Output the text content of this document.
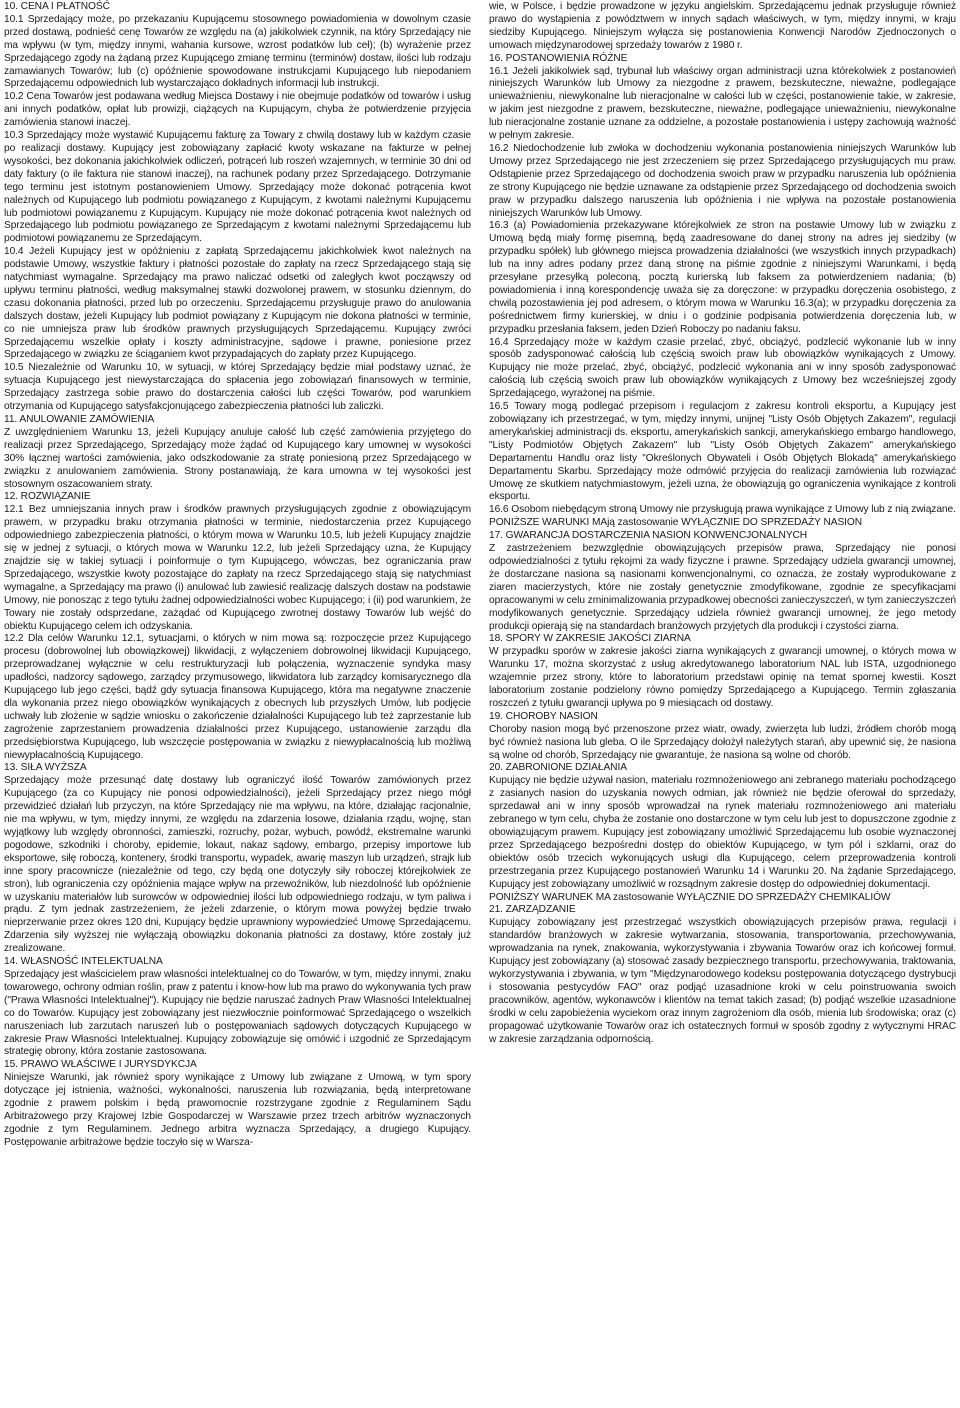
10. CENA I PŁATNOŚĆ

10.1 Sprzedający może, po przekazaniu Kupującemu stosownego powiadomienia w dowolnym czasie przed dostawą, podnieść cenę Towarów ze względu na (a) jakikolwiek czynnik, na który Sprzedający nie ma wpływu (w tym, między innymi, wahania kursowe, wzrost podatków lub ceł); (b) wyrażenie przez Sprzedającego zgody na żądaną przez Kupującego zmianę terminu (terminów) dostaw, ilości lub rodzaju zamawianych Towarów; lub (c) opóźnienie spowodowane instrukcjami Kupującego lub niepodaniem Sprzedającemu odpowiednich lub wystarczająco dokładnych informacji lub instrukcji.

10.2 Cena Towarów jest podawana według Miejsca Dostawy i nie obejmuje podatków od towarów i usług ani innych podatków, opłat lub prowizji, ciążących na Kupującym, chyba że potwierdzenie przyjęcia zamówienia stanowi inaczej.

10.3 Sprzedający może wystawić Kupującemu fakturę za Towary z chwilą dostawy lub w każdym czasie po realizacji dostawy. Kupujący jest zobowiązany zapłacić kwoty wskazane na fakturze w pełnej wysokości, bez dokonania jakichkolwiek odliczeń, potrąceń lub roszeń wzajemnych, w terminie 30 dni od daty faktury (o ile faktura nie stanowi inaczej), na rachunek podany przez Sprzedającego. Dotrzymanie tego terminu jest istotnym postanowieniem Umowy. Sprzedający może dokonać potrącenia kwot należnych od Kupującego lub podmiotu powiązanego z Kupującym, z kwotami należnymi Kupującemu lub podmiotowi powiązanemu z Kupującym. Kupujący nie może dokonać potrącenia kwot należnych od Sprzedającego lub podmiotu powiązanego ze Sprzedającym z kwotami należnymi Sprzedającemu lub podmiotowi powiązanemu ze Sprzedającym.

10.4 Jeżeli Kupujący jest w opóźnieniu z zapłatą Sprzedającemu jakichkolwiek kwot należnych na podstawie Umowy, wszystkie faktury i płatności pozostałe do zapłaty na rzecz Sprzedającego stają się natychmiast wymagalne. Sprzedający ma prawo naliczać odsetki od zaległych kwot począwszy od upływu terminu płatności, według maksymalnej stawki dozwolonej prawem, w stosunku dziennym, do czasu dokonania płatności, przed lub po orzeczeniu. Sprzedającemu przysługuje prawo do anulowania dalszych dostaw, jeżeli Kupujący lub podmiot powiązany z Kupującym nie dokona płatności w terminie, co nie umniejsza praw lub środków prawnych przysługujących Sprzedającemu. Kupujący zwróci Sprzedającemu wszelkie opłaty i koszty administracyjne, sądowe i prawne, poniesione przez Sprzedającego w związku ze ściąganiem kwot przypadających do zapłaty przez Kupującego.

10.5 Niezależnie od Warunku 10, w sytuacji, w której Sprzedający będzie miał podstawy uznać, że sytuacja Kupującego jest niewystarczająca do spłacenia jego zobowiązań finansowych w terminie, Sprzedający zastrzega sobie prawo do dostarczenia całości lub części Towarów, pod warunkiem otrzymania od Kupującego satysfakcjonującego zabezpieczenia płatności lub zaliczki.

11. ANULOWANIE ZAMÓWIENIA

Z uwzględnieniem Warunku 13, jeżeli Kupujący anuluje całość lub część zamówienia przyjętego do realizacji przez Sprzedającego, Sprzedający może żądać od Kupującego kary umownej w wysokości 30% łącznej wartości zamówienia, jako odszkodowanie za stratę poniesioną przez Sprzedającego w związku z anulowaniem zamówienia. Strony postanawiają, że kara umowna w tej wysokości jest stosownym oszacowaniem straty.

12. ROZWIĄZANIE

12.1 Bez umniejszania innych praw i środków prawnych przysługujących zgodnie z obowiązującym prawem, w przypadku braku otrzymania płatności w terminie, niedostarczenia przez Kupującego odpowiedniego zabezpieczenia płatności, o którym mowa w Warunku 10.5, lub jeżeli Kupujący znajdzie się w jednej z sytuacji, o których mowa w Warunku 12.2, lub jeżeli Sprzedający uzna, że Kupujący znajdzie się w takiej sytuacji i poinformuje o tym Kupującego, wówczas, bez ograniczania praw Sprzedającego, wszystkie kwoty pozostające do zapłaty na rzecz Sprzedającego stają się natychmiast wymagalne, a Sprzedający ma prawo (i) anulować lub zawiesić realizację dalszych dostaw na podstawie Umowy, nie ponosząc z tego tytułu żadnej odpowiedzialności wobec Kupującego; i (ii) pod warunkiem, że Towary nie zostały odsprzedane, zażądać od Kupującego zwrotnej dostawy Towarów lub wejść do obiektu Kupującego celem ich odzyskania.

12.2 Dla celów Warunku 12.1, sytuacjami, o których w nim mowa są: rozpoczęcie przez Kupującego procesu (dobrowolnej lub obowiązkowej) likwidacji, z wyłączeniem dobrowolnej likwidacji Kupującego, przeprowadzanej wyłącznie w celu restrukturyzacji lub połączenia, wyznaczenie syndyka masy upadłości, nadzorcy sądowego, zarządcy przymusowego, likwidatora lub zarządcy komisarycznego dla Kupującego lub jego części, bądź gdy sytuacja finansowa Kupującego, która ma negatywne znaczenie dla wykonania przez niego obowiązków wynikających z obecnych lub przyszłych Umów, lub podjęcie uchwały lub złożenie w sądzie wniosku o zakończenie działalności Kupującego lub też zaprzestanie lub zagrożenie zaprzestaniem prowadzenia działalności przez Kupującego, ustanowienie zarządu dla przedsiębiorstwa Kupującego, lub wszczęcie postępowania w związku z niewypłacalnością lub możliwą niewypłacalnością Kupującego.

13. SIŁA WYŻSZA

Sprzedający może przesunąć datę dostawy lub ograniczyć ilość Towarów zamówionych przez Kupującego (za co Kupujący nie ponosi odpowiedzialności), jeżeli Sprzedający przez niego mógł przewidzieć działań lub przyczyn, na które Sprzedający nie ma wpływu, na które, działając racjonalnie, nie ma wpływu, w tym, między innymi, ze względu na zdarzenia losowe, działania rządu, wojnę, stan wyjątkowy lub względy obronności, zamieszki, rozruchy, pożar, wybuch, powódź, ekstremalne warunki pogodowe, szkodniki i choroby, epidemie, lokaut, nakaz sądowy, embargo, przepisy importowe lub eksportowe, siłę roboczą, kontenery, środki transportu, wypadek, awarię maszyn lub urządzeń, strajk lub inne spory pracownicze (niezależnie od tego, czy będą one dotyczyły siły roboczej którejkolwiek ze stron), lub ograniczenia czy opóźnienia mające wpływ na przewoźników, lub niezdolność lub opóźnienie w uzyskaniu materiałów lub surowców w odpowiedniej ilości lub odpowiedniego rodzaju, w tym paliwa i prądu. Z tym jednak zastrzeżeniem, że jeżeli zdarzenie, o którym mowa powyżej będzie trwało nieprzerwanie przez okres 120 dni, Kupujący będzie uprawniony wypowiedzieć Umowę Sprzedającemu. Zdarzenia siły wyższej nie wyłączają obowiązku dokonania płatności za dostawy, które zostały już zrealizowane.

14. WŁASNOŚĆ INTELEKTUALNA

Sprzedający jest właścicielem praw własności intelektualnej co do Towarów, w tym, między innymi, znaku towarowego, ochrony odmian roślin, praw z patentu i know-how lub ma prawo do wykonywania tych praw ("Prawa Własności Intelektualnej"). Kupujący nie będzie naruszać żadnych Praw Własności Intelektualnej co do Towarów. Kupujący jest zobowiązany jest niezwłocznie poinformować Sprzedającego o wszelkich naruszeniach lub zarzutach naruszeń lub o postępowaniach sądowych dotyczących Kupującego w zakresie Praw Własności Intelektualnej. Kupujący zobowiązuje się omówić i uzgodnić ze Sprzedającym strategię obrony, która zostanie zastosowana.

15. PRAWO WŁAŚCIWE I JURYSDYKCJA

Niniejsze Warunki, jak również spory wynikające z Umowy lub związane z Umową, w tym spory dotyczące jej istnienia, ważności, wykonalności, naruszenia lub rozwiązania, będą interpretowane zgodnie z prawem polskim i będą prawomocnie rozstrzygane zgodnie z Regulaminem Sądu Arbitrażowego przy Krajowej Izbie Gospodarczej w Warszawie przez trzech arbitrów wyznaczonych zgodnie z tym Regulaminem. Jednego arbitra wyznacza Sprzedający, a drugiego Kupujący. Postępowanie arbitrażowe będzie toczyło się w Warsza-

wie, w Polsce, i będzie prowadzone w języku angielskim. Sprzedającemu jednak przysługuje również prawo do wystąpienia z powództwem w innych sądach właściwych, w tym, między innymi, w kraju siedziby Kupującego. Niniejszym wyłącza się postanowienia Konwencji Narodów Zjednoczonych o umowach międzynarodowej sprzedaży towarów z 1980 r.

16. POSTANOWIENIA RÓŻNE

16.1 Jeżeli jakikolwiek sąd, trybunał lub właściwy organ administracji uzna którekolwiek z postanowień niniejszych Warunków lub Umowy za niezgodne z prawem, bezskuteczne, nieważne, podlegające unieważnieniu, niewykonalne lub nieracjonalne w całości lub w części, postanowienie takie, w zakresie, w jakim jest niezgodne z prawem, bezskuteczne, nieważne, podlegające unieważnieniu, niewykonalne lub nieracjonalne zostanie uznane za oddzielne, a pozostałe postanowienia i ustępy zachowują ważność w pełnym zakresie.

16.2 Niedochodzenie lub zwłoka w dochodzeniu wykonania postanowienia niniejszych Warunków lub Umowy przez Sprzedającego nie jest zrzeczeniem się przez Sprzedającego przysługujących mu praw. Odstąpienie przez Sprzedającego od dochodzenia swoich praw w przypadku naruszenia lub opóźnienia ze strony Kupującego nie będzie uznawane za odstąpienie przez Sprzedającego od dochodzenia swoich praw w przypadku dalszego naruszenia lub opóźnienia i nie wpływa na pozostałe postanowienia niniejszych Warunków lub Umowy.

16.3 (a) Powiadomienia przekazywane którejkolwiek ze stron na postawie Umowy lub w związku z Umową będą miały formę pisemną, będą zaadresowane do danej strony na adres jej siedziby (w przypadku spółek) lub głównego miejsca prowadzenia działalności (we wszystkich innych przypadkach) lub na inny adres podany przez daną stronę na piśmie zgodnie z niniejszymi Warunkami, i będą przesyłane przesyłką poleconą, pocztą kurierską lub faksem za potwierdzeniem nadania; (b) powiadomienia i inną korespondencję uważa się za doręczone: w przypadku doręczenia osobistego, z chwilą pozostawienia jej pod adresem, o którym mowa w Warunku 16.3(a); w przypadku doręczenia za pośrednictwem firmy kurierskiej, w dniu i o godzinie podpisania potwierdzenia doręczenia lub, w przypadku przesłania faksem, jeden Dzień Roboczy po nadaniu faksu.

16.4 Sprzedający może w każdym czasie przelać, zbyć, obciążyć, podzlecić wykonanie lub w inny sposób zadysponować całością lub częścią swoich praw lub obowiązków wynikających z Umowy. Kupujący nie może przelać, zbyć, obciążyć, podzlecić wykonania ani w inny sposób zadysponować całością lub częścią swoich praw lub obowiązków wynikających z Umowy bez wcześniejszej zgody Sprzedającego, wyrażonej na piśmie.

16.5 Towary mogą podlegać przepisom i regulacjom z zakresu kontroli eksportu, a Kupujący jest zobowiązany ich przestrzegać, w tym, między innymi, unijnej "Listy Osób Objętych Zakazem", regulacji amerykańskiej administracji ds. eksportu, amerykańskich sankcji, amerykańskiego embargo handlowego, "Listy Podmiotów Objętych Zakazem" lub "Listy Osób Objętych Zakazem" amerykańskiego Departamentu Handlu oraz listy "Określonych Obywateli i Osób Objętych Blokadą" amerykańskiego Departamentu Skarbu. Sprzedający może odmówić przyjęcia do realizacji zamówienia lub rozwiązać Umowę ze skutkiem natychmiastowym, jeżeli uzna, że obowiązują go ograniczenia wynikające z kontroli eksportu.

16.6 Osobom niebędącym stroną Umowy nie przysługują prawa wynikające z Umowy lub z nią związane.

PONIŻSZE WARUNKI MAją zastosowanie WYŁĄCZNIE DO SPRZEDAŻY NASION

17. GWARANCJA DOSTARCZENIA NASION KONWENCJONALNYCH

Z zastrzeżeniem bezwzględnie obowiązujących przepisów prawa, Sprzedający nie ponosi odpowiedzialności z tytułu rękojmi za wady fizyczne i prawne. Sprzedający udziela gwarancji umownej, że dostarczane nasiona są nasionami konwencjonalnymi, co oznacza, że zostały wyprodukowane z ziaren macierzystych, które nie zostały genetycznie zmodyfikowane, zgodnie ze specyfikacjami opracowanymi w celu zminimalizowania przypadkowej obecności zanieczyszczeń, w tym zanieczyszczeń modyfikowanych genetycznie. Sprzedający udziela również gwarancji umownej, że jego metody produkcji opierają się na standardach branżowych przyjętych dla produkcji i czystości ziarna.

18. SPORY W ZAKRESIE JAKOŚCI ZIARNA

W przypadku sporów w zakresie jakości ziarna wynikających z gwarancji umownej, o których mowa w Warunku 17, można skorzystać z usług akredytowanego laboratorium NAL lub ISTA, uzgodnionego wzajemnie przez strony, które to laboratorium przedstawi opinię na temat spornej kwestii. Koszt laboratorium zostanie podzielony równo pomiędzy Sprzedającego a Kupującego. Termin zgłaszania roszczeń z tytułu gwarancji upływa po 9 miesiącach od dostawy.

19. CHOROBY NASION

Choroby nasion mogą być przenoszone przez wiatr, owady, zwierzęta lub ludzi, źródłem chorób mogą być również nasiona lub gleba. O ile Sprzedający dołożył należytych starań, aby upewnić się, że nasiona są wolne od chorób, Sprzedający nie gwarantuje, że nasiona są wolne od chorób.

20. ZABRONIONE DZIAŁANIA

Kupujący nie będzie używał nasion, materiału rozmnożeniowego ani zebranego materiału pochodzącego z zasianych nasion do uzyskania nowych odmian, jak również nie będzie oferował do sprzedaży, sprzedawał ani w inny sposób wprowadzał na rynek materiału rozmnożeniowego ani materiału zebranego w tym celu, chyba że zostanie ono dostarczone w tym celu lub jest to dopuszczone zgodnie z obowiązującym prawem. Kupujący jest zobowiązany umożliwić Sprzedającemu lub osobie wyznaczonej przez Sprzedającego bezpośredni dostęp do obiektów Kupującego, w tym pól i szklarni, oraz do obiektów osób trzecich wykonujących usługi dla Kupującego, celem przeprowadzenia kontroli przestrzegania przez Kupującego postanowień Warunku 14 i Warunku 20. Na żądanie Sprzedającego, Kupujący jest zobowiązany umożliwić w rozsądnym zakresie dostęp do odpowiedniej dokumentacji.

PONIŻSZY WARUNEK MA zastosowanie WYŁĄCZNIE DO SPRZEDAŻY CHEMIKALIÓW

21. ZARZĄDZANIE

Kupujący zobowiązany jest przestrzegać wszystkich obowiązujących przepisów prawa, regulacji i standardów branżowych w zakresie wytwarzania, stosowania, transportowania, przechowywania, wprowadzania na rynek, znakowania, wykorzystywania i zbywania Towarów oraz ich końcowej formuł. Kupujący jest zobowiązany (a) stosować zasady bezpiecznego transportu, przechowywania, traktowania, wykorzystywania i zbywania, w tym "Międzynarodowego kodeksu postępowania dotyczącego dystrybucji i stosowania pestycydów FAO" oraz podjąć uzasadnione kroki w celu poinstruowania swoich pracowników, agentów, wykonawców i klientów na temat takich zasad; (b) podjąć wszelkie uzasadnione środki w celu zapobieżenia wyciekom oraz innym zagrożeniom dla osób, mienia lub środowiska; oraz (c) propagować użytkowanie Towarów oraz ich ostatecznych formuł w sposób zgodny z wytycznymi HRAC w zakresie zarządzania odpornością.
